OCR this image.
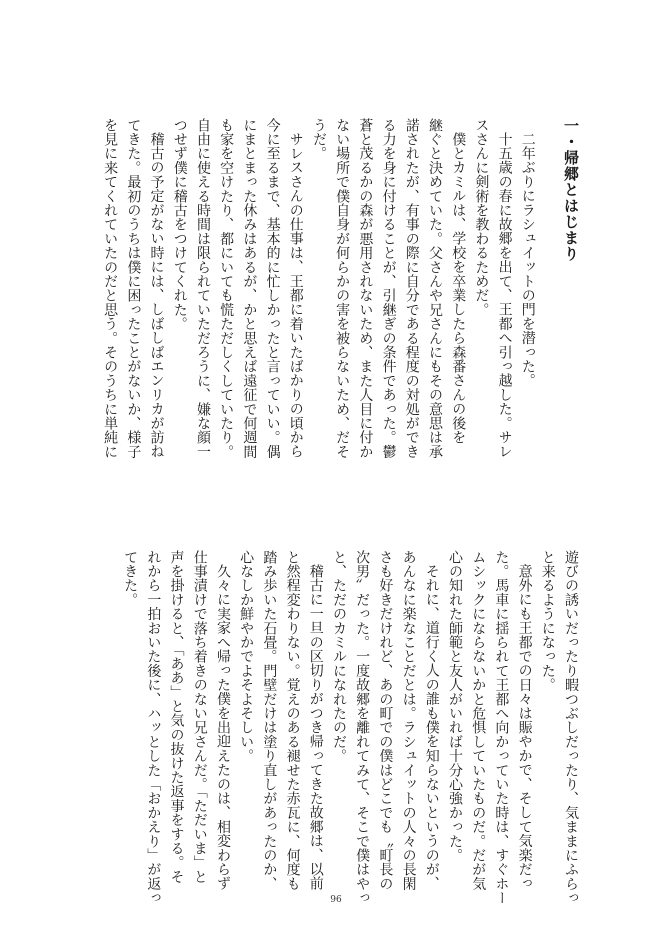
一・帰郷とはじまり
二年ぶりにラシュイットの門を潜った。
十五歳の春に故郷を出て、王都へ引っ越した。サレ
スさんに剣術を教わるためだ。
僕とカミルは、学校を卒業したら森番さんの後を
継ぐと決めていた。父さんや兄さんにもその意思は承
諾されたが、有事の際に自分である程度の対処ができ
る力を身に付けることが、引継ぎの条件であった。鬱
蒼と茂るかの森が悪用されないため、また人目に付か
ない場所で僕自身が何らかの害を被らないため、だそ
うだ。
サレスさんの仕事は、王都に着いたばかりの頃から
今に至るまで、基本的に忙しかったと言っていい。偶
にまとまった休みはあるが、かと思えば遠征で何週間
も家を空けたり、都にいても慌ただしくしていたり。
自由に使える時間は限られていただろうに、嫌な顔一
つせず僕に稽古をつけてくれた。
稽古の予定がない時には、しばしばエンリカが訪ね
てきた。最初のうちは僕に困ったことがないか、様子
を見に来てくれていたのだと思う。そのうちに単純に
遊びの誘いだったり暇つぶしだったり、気ままにふらっ
と来るようになった。
意外にも王都での日々は賑やかで、そして気楽だっ
た。馬車に揺られて王都へ向かっていた時は、すぐホー
ムシックにならないかと危惧していたものだ。だが気
心の知れた師範と友人がいれば十分心強かった。
それに、道行く人の誰も僕を知らないというのが、
あんなに楽なことだとは。ラシュイットの人々の長閑
さも好きだけれど、あの町での僕はどこでも〝町長の
次男〟だった。一度故郷を離れてみて、そこで僕はやっ
と、ただのカミルになれたのだ。
稽古に一旦の区切りがつき帰ってきた故郷は、以前
と然程変わりない。覚えのある褪せた赤瓦に、何度も
踏み歩いた石畳。門壁だけは塗り直しがあったのか、
心なしか鮮やかでよそよそしい。
久々に実家へ帰った僕を出迎えたのは、相変わらず
仕事漬けで落ち着きのない兄さんだ。「ただいま」と
声を掛けると、「ああ」と気の抜けた返事をする。そ
れから一拍おいた後に、ハッとした「おかえり」が返っ
てきた。
96
